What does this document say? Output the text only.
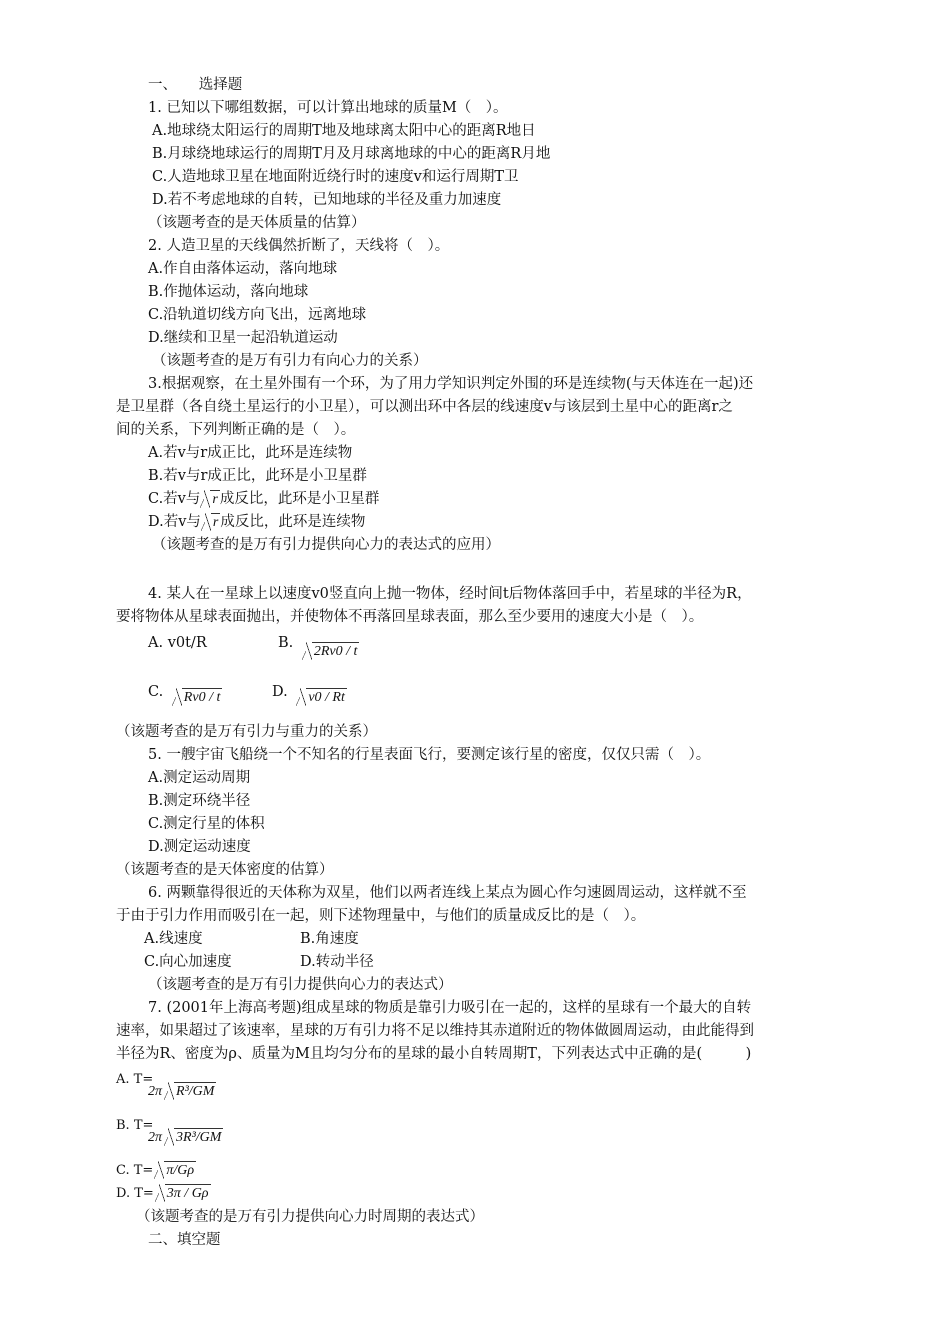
一、　　选择题
1. 已知以下哪组数据，可以计算出地球的质量M（　）。
A.地球绕太阳运行的周期T地及地球离太阳中心的距离R地日
B.月球绕地球运行的周期T月及月球离地球的中心的距离R月地
C.人造地球卫星在地面附近绕行时的速度v和运行周期T卫
D.若不考虑地球的自转，已知地球的半径及重力加速度
（该题考查的是天体质量的估算）
2. 人造卫星的天线偶然折断了，天线将（　）。
A.作自由落体运动，落向地球
B.作抛体运动，落向地球
C.沿轨道切线方向飞出，远离地球
D.继续和卫星一起沿轨道运动
（该题考查的是万有引力有向心力的关系）
3.根据观察，在土星外围有一个环，为了用力学知识判定外围的环是连续物(与天体连在一起)还
是卫星群（各自绕土星运行的小卫星），可以测出环中各层的线速度v与该层到土星中心的距离r之
间的关系，下列判断正确的是（　）。
A.若v与r成正比，此环是连续物
B.若v与r成正比，此环是小卫星群
C.若v与 r 成反比，此环是小卫星群
D.若v与 r 成反比，此环是连续物
（该题考查的是万有引力提供向心力的表达式的应用）
4. 某人在一星球上以速度v0竖直向上抛一物体，经时间t后物体落回手中，若星球的半径为R，
要将物体从星球表面抛出，并使物体不再落回星球表面，那么至少要用的速度大小是（　）。
A. v0t/R	B. 2Rv0 / t
C. Rv0 / t	D. v0 / Rt
（该题考查的是万有引力与重力的关系）
5. 一艘宇宙飞船绕一个不知名的行星表面飞行，要测定该行星的密度，仅仅只需（　）。
A.测定运动周期
B.测定环绕半径
C.测定行星的体积
D.测定运动速度
（该题考查的是天体密度的估算）
6. 两颗靠得很近的天体称为双星，他们以两者连线上某点为圆心作匀速圆周运动，这样就不至
于由于引力作用而吸引在一起，则下述物理量中，与他们的质量成反比的是（　）。
A.线速度	B.角速度
C.向心加速度	D.转动半径
（该题考查的是万有引力提供向心力的表达式）
7. (2001年上海高考题)组成星球的物质是靠引力吸引在一起的，这样的星球有一个最大的自转
速率，如果超过了该速率，星球的万有引力将不足以维持其赤道附近的物体做圆周运动，由此能得到
半径为R、密度为ρ、质量为M且均匀分布的星球的最小自转周期T，下列表达式中正确的是(　　　)
A. T=
2π R³/GM
B. T=
2π 3R³/GM
C. T= π/Gρ
D. T= 3π / Gρ
（该题考查的是万有引力提供向心力时周期的表达式）
二、填空题
